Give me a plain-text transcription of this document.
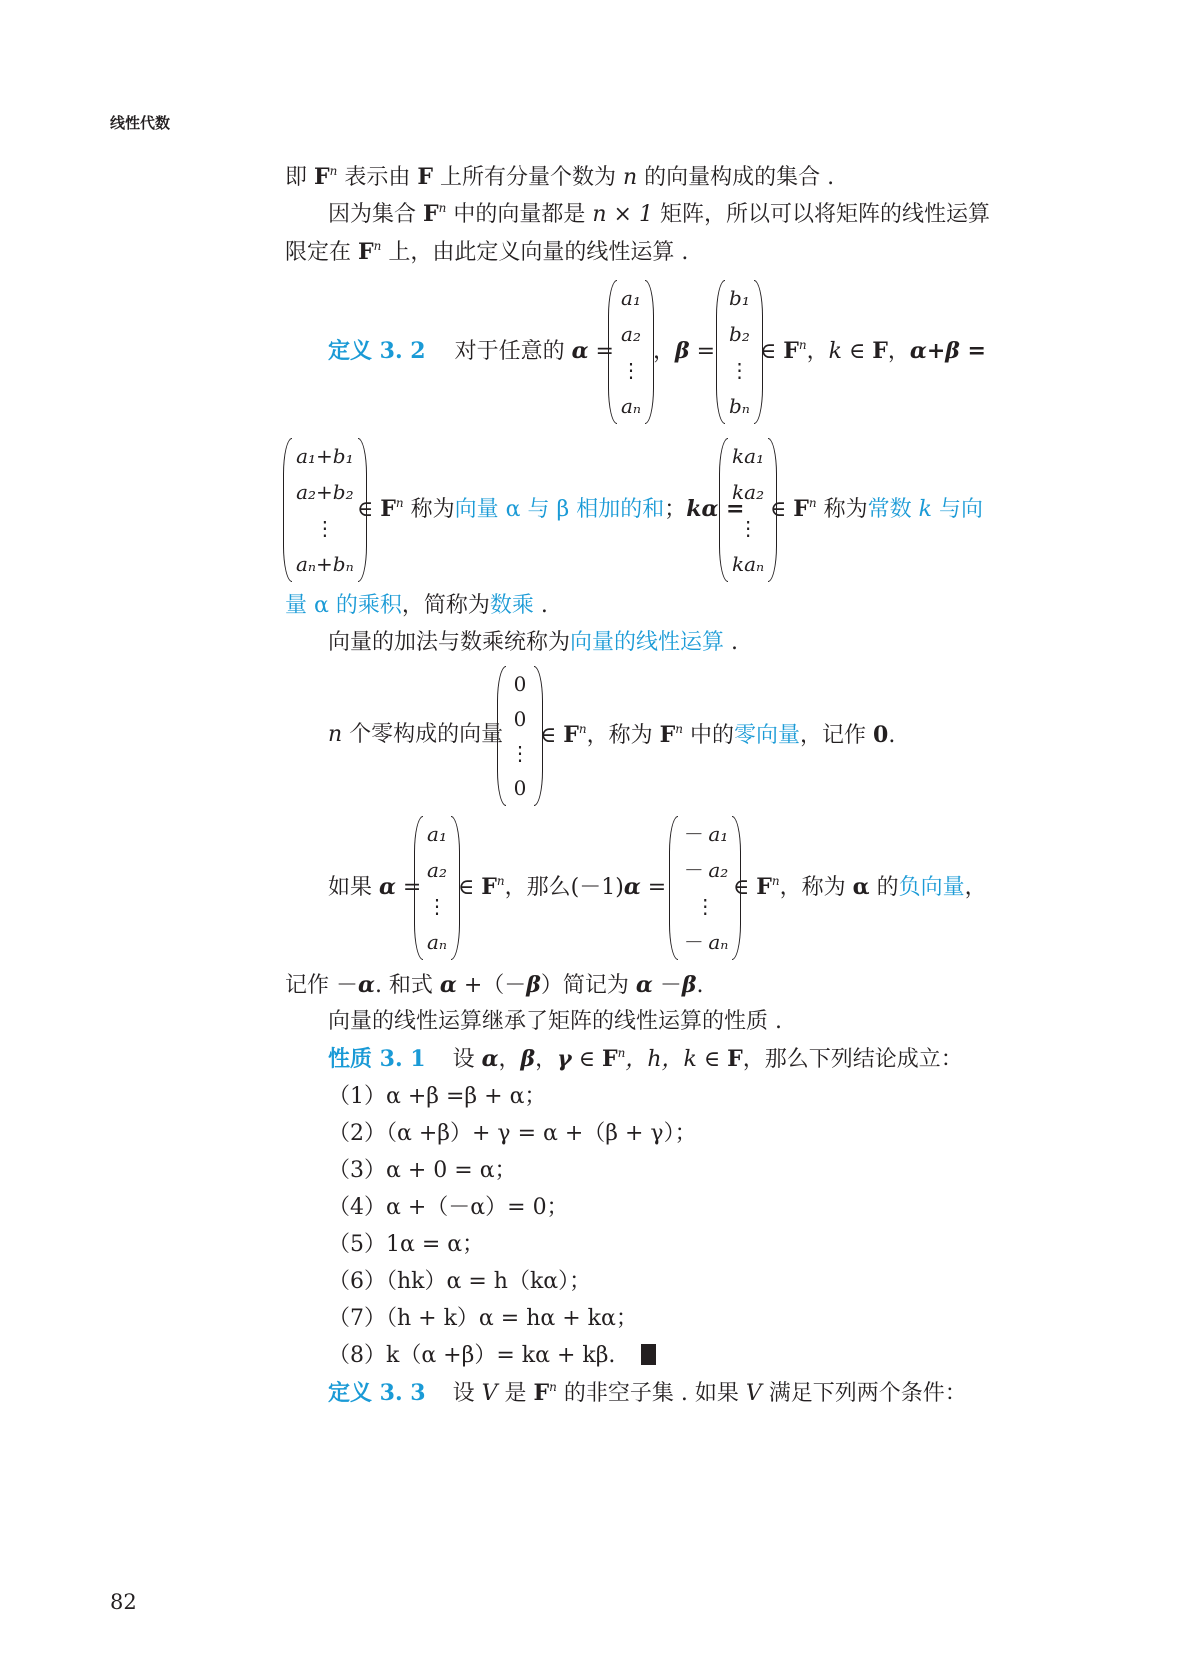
线性代数
即 $F^n$ 表示由 F 上所有分量个数为 n 的向量构成的集合 .
因为集合 $F^n$ 中的向量都是 n × 1 矩阵，所以可以将矩阵的线性运算
限定在 $F^n$ 上，由此定义向量的线性运算 .
定义 3. 2 对于任意的 α =
a₁
a₂
⋮
aₙ
，β =
b₁
b₂
⋮
bₙ
∈ $F^n$，k ∈ F，α+β =
a₁+b₁
a₂+b₂
⋮
aₙ+bₙ
∈ $F^n$ 称为向量 α 与 β 相加的和；kα =
ka₁
ka₂
⋮
kaₙ
∈ $F^n$ 称为常数 k 与向
量 α 的乘积，简称为数乘 .
向量的加法与数乘统称为向量的线性运算 .
n 个零构成的向量
0
0
⋮
0
∈ $F^n$，称为 $F^n$ 中的零向量，记作 0.
如果 α =
a₁
a₂
⋮
aₙ
∈ $F^n$，那么(－1)α =
－ a₁
－ a₂
⋮
－ aₙ
∈ $F^n$，称为 α 的负向量，
记作 －α. 和式 α +（－β）简记为 α －β.
向量的线性运算继承了矩阵的线性运算的性质 .
性质 3. 1 设 α，β，γ ∈ $F^n$，h，k ∈ F，那么下列结论成立：
（1）α +β =β + α；
（2）（α +β）+ γ = α +（β + γ）；
（3）α + 0 = α；
（4）α +（－α）= 0；
（5）1α = α；
（6）（hk）α = h（kα）；
（7）（h + k）α = hα + kα；
（8）k（α +β）= kα + kβ.
定义 3. 3 设 V 是 $F^n$ 的非空子集 . 如果 V 满足下列两个条件：
82
